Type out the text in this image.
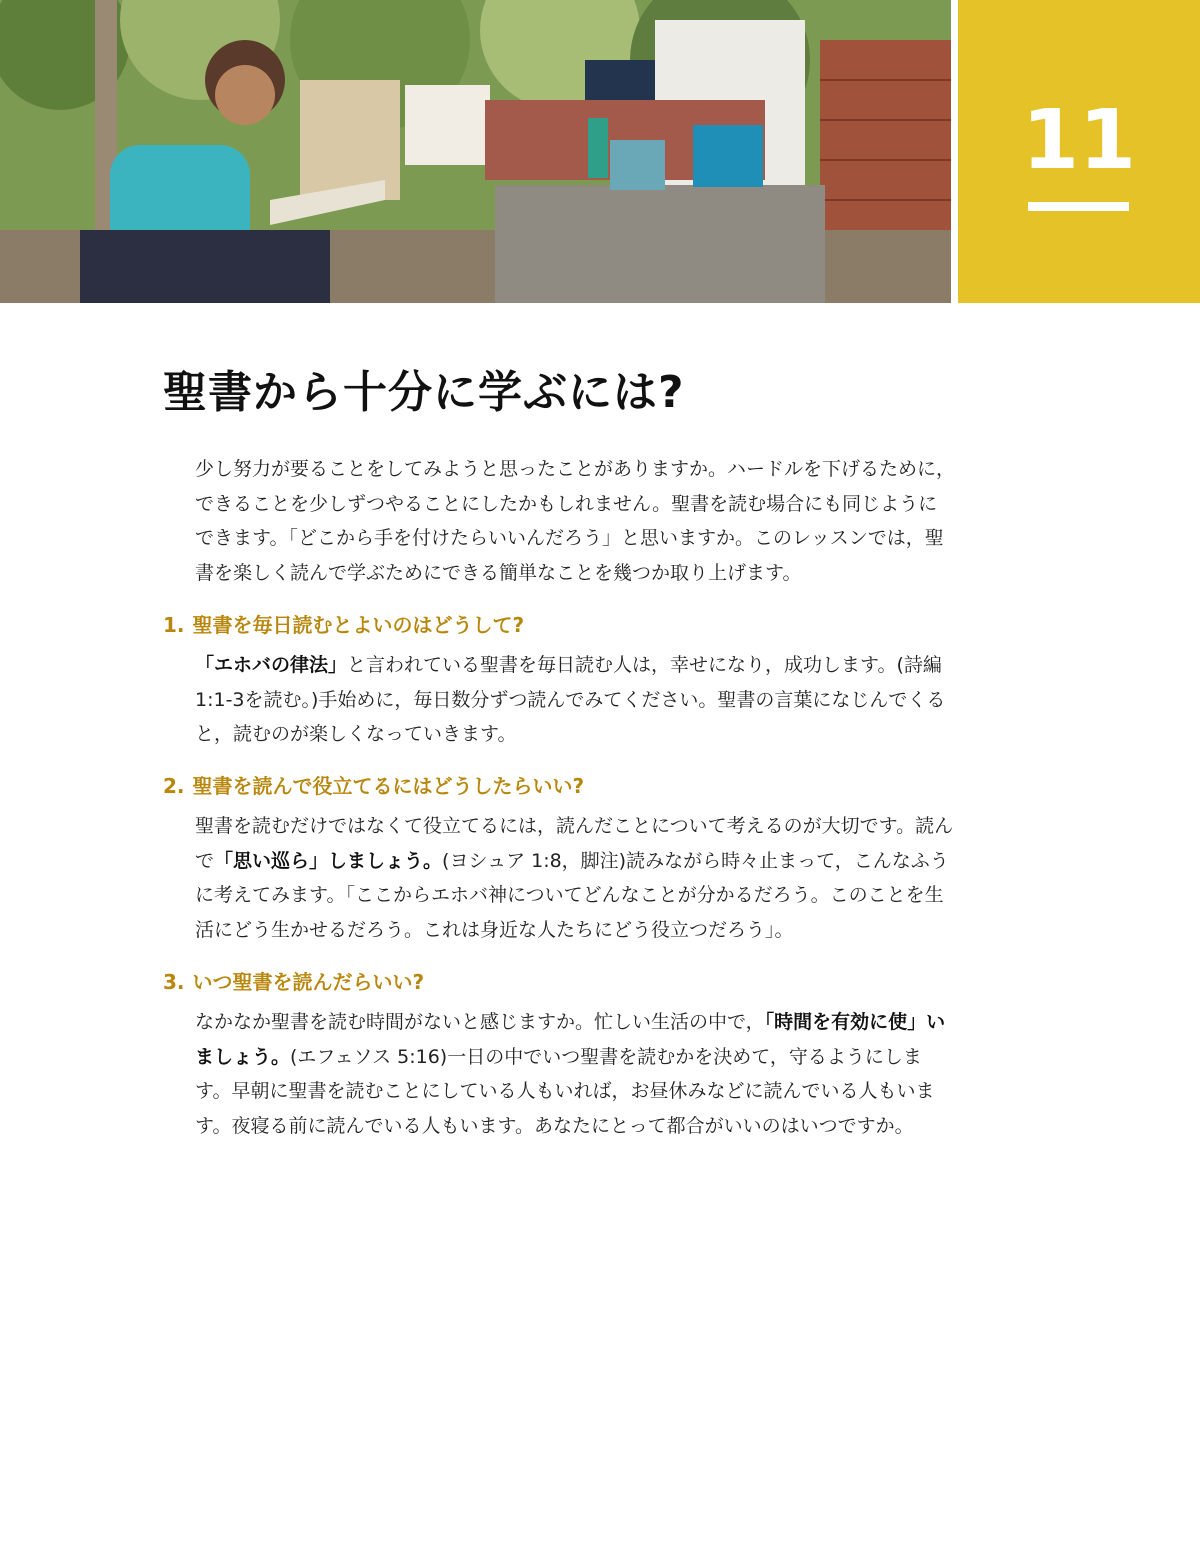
11
聖書から十分に学ぶには?

少し努力が要ることをしてみようと思ったことがありますか。ハードルを下げるために，できることを少しずつやることにしたかもしれません。聖書を読む場合にも同じようにできます。「どこから手を付けたらいいんだろう」と思いますか。このレッスンでは，聖書を楽しく読んで学ぶためにできる簡単なことを幾つか取り上げます。

1. 聖書を毎日読むとよいのはどうして?

「エホバの律法」と言われている聖書を毎日読む人は，幸せになり，成功します。(詩編 1:1-3を読む。)手始めに，毎日数分ずつ読んでみてください。聖書の言葉になじんでくると，読むのが楽しくなっていきます。

2. 聖書を読んで役立てるにはどうしたらいい?

聖書を読むだけではなくて役立てるには，読んだことについて考えるのが大切です。読んで「思い巡ら」しましょう。(ヨシュア 1:8，脚注)読みながら時々止まって，こんなふうに考えてみます。「ここからエホバ神についてどんなことが分かるだろう。このことを生活にどう生かせるだろう。これは身近な人たちにどう役立つだろう」。

3. いつ聖書を読んだらいい?

なかなか聖書を読む時間がないと感じますか。忙しい生活の中で，「時間を有効に使」いましょう。(エフェソス 5:16)一日の中でいつ聖書を読むかを決めて，守るようにします。早朝に聖書を読むことにしている人もいれば，お昼休みなどに読んでいる人もいます。夜寝る前に読んでいる人もいます。あなたにとって都合がいいのはいつですか。
